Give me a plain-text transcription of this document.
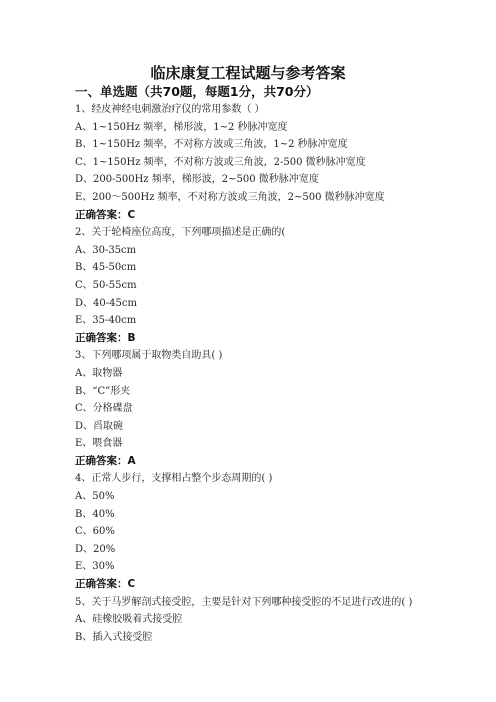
临床康复工程试题与参考答案
一、单选题（共70题，每题1分，共70分）
1、经皮神经电刺激治疗仪的常用参数（ ）
A、1~150Hz 频率，梯形波，1~2 秒脉冲宽度
B、1~150Hz 频率，不对称方波或三角波，1~2 秒脉冲宽度
C、1~150Hz 频率，不对称方波或三角波，2-500 微秒脉冲宽度
D、200-500Hz 频率，梯形波，2~500 微秒脉冲宽度
E、200～500Hz 频率，不对称方波或三角波，2~500 微秒脉冲宽度
正确答案：C
2、关于轮椅座位高度，下列哪项描述是正确的(
A、30-35cm
B、45-50cm
C、50-55cm
D、40-45cm
E、35-40cm
正确答案：B
3、下列哪项属于取物类自助具( )
A、取物器
B、“C”形夹
C、分格碟盘
D、舀取碗
E、喂食器
正确答案：A
4、正常人步行，支撑相占整个步态周期的( )
A、50%
B、40%
C、60%
D、20%
E、30%
正确答案：C
5、关于马罗解剖式接受腔，主要是针对下列哪种接受腔的不足进行改进的( )
A、硅橡胶吸着式接受腔
B、插入式接受腔
